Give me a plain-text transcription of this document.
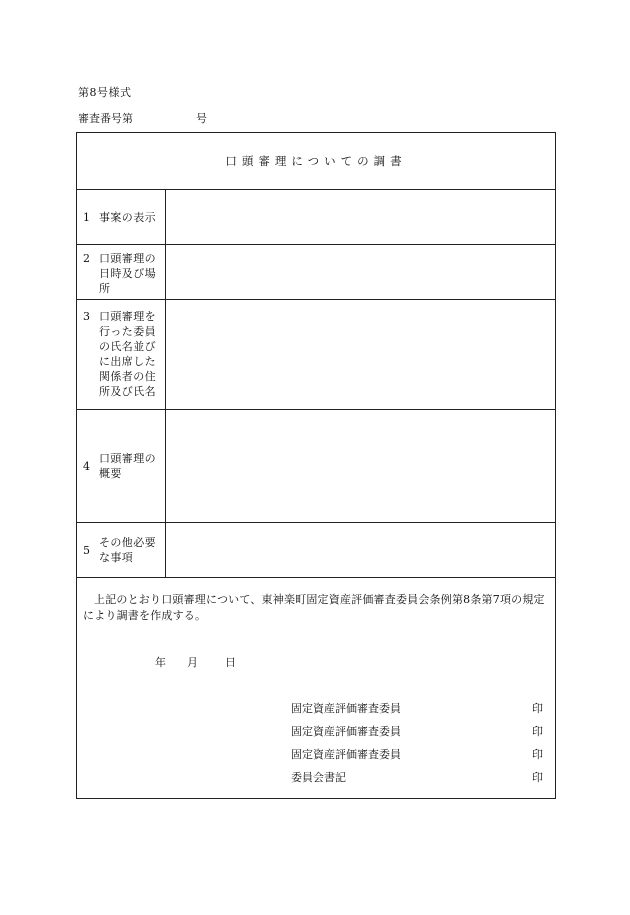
第8号様式
審査番号第	号
口頭審理についての調書
1 事案の表示
2 口頭審理の
日時及び場
所
3 口頭審理を
行った委員
の氏名並び
に出席した
関係者の住
所及び氏名
4
口頭審理の
概要
5
その他必要
な事項
上記のとおり口頭審理について、東神楽町固定資産評価審査委員会条例第8条第7項の規定により調書を作成する。
年 月 日
固定資産評価審査委員	印
固定資産評価審査委員	印
固定資産評価審査委員	印
委員会書記	印
